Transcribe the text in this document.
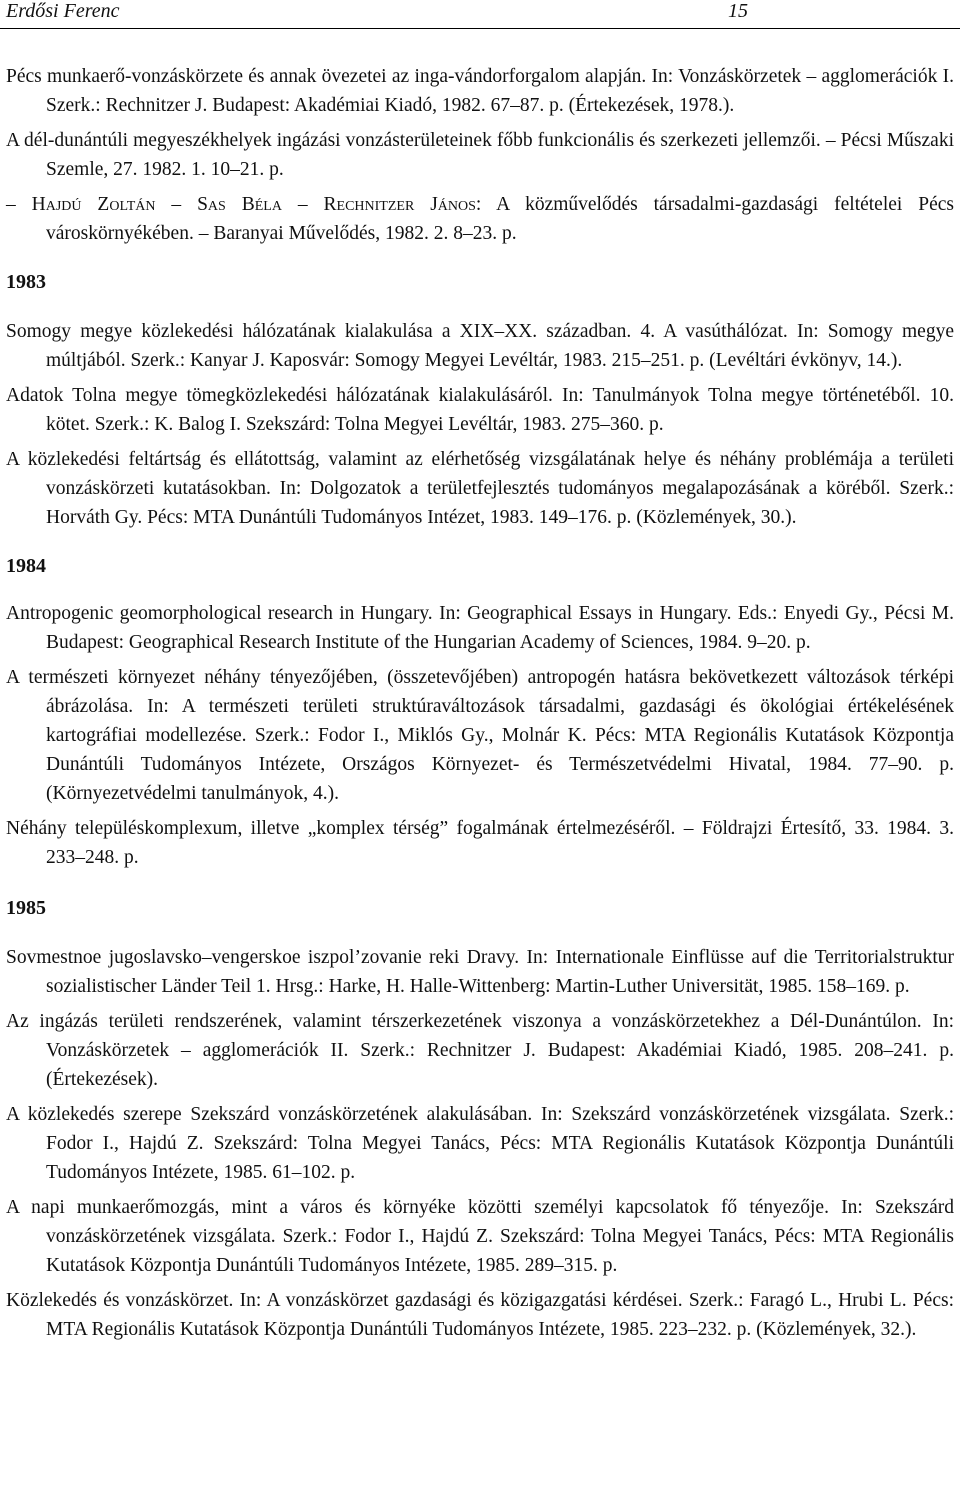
Erdősi Ferenc	15
Pécs munkaerő-vonzáskörzete és annak övezetei az inga-vándorforgalom alapján. In: Vonzáskörzetek – agglomerációk I. Szerk.: Rechnitzer J. Budapest: Akadémiai Kiadó, 1982. 67–87. p. (Értekezések, 1978.).
A dél-dunántúli megyeszékhelyek ingázási vonzásterületeinek főbb funkcionális és szerkezeti jellemzői. – Pécsi Műszaki Szemle, 27. 1982. 1. 10–21. p.
– Hajdú Zoltán – Sas Béla – Rechnitzer János: A közművelődés társadalmi-gazdasági feltételei Pécs városkörnyékében. – Baranyai Művelődés, 1982. 2. 8–23. p.
1983
Somogy megye közlekedési hálózatának kialakulása a XIX–XX. században. 4. A vasúthálózat. In: Somogy megye múltjából. Szerk.: Kanyar J. Kaposvár: Somogy Megyei Levéltár, 1983. 215–251. p. (Levéltári évkönyv, 14.).
Adatok Tolna megye tömegközlekedési hálózatának kialakulásáról. In: Tanulmányok Tolna megye történetéből. 10. kötet. Szerk.: K. Balog I. Szekszárd: Tolna Megyei Levéltár, 1983. 275–360. p.
A közlekedési feltártság és ellátottság, valamint az elérhetőség vizsgálatának helye és néhány problémája a területi vonzáskörzeti kutatásokban. In: Dolgozatok a területfejlesztés tudományos megalapozásának a köréből. Szerk.: Horváth Gy. Pécs: MTA Dunántúli Tudományos Intézet, 1983. 149–176. p. (Közlemények, 30.).
1984
Antropogenic geomorphological research in Hungary. In: Geographical Essays in Hungary. Eds.: Enyedi Gy., Pécsi M. Budapest: Geographical Research Institute of the Hungarian Academy of Sciences, 1984. 9–20. p.
A természeti környezet néhány tényezőjében, (összetevőjében) antropogén hatásra bekövetkezett változások térképi ábrázolása. In: A természeti területi struktúraváltozások társadalmi, gazdasági és ökológiai értékelésének kartográfiai modellezése. Szerk.: Fodor I., Miklós Gy., Molnár K. Pécs: MTA Regionális Kutatások Központja Dunántúli Tudományos Intézete, Országos Környezet- és Természetvédelmi Hivatal, 1984. 77–90. p. (Környezetvédelmi tanulmányok, 4.).
Néhány településkomplexum, illetve „komplex térség” fogalmának értelmezéséről. – Földrajzi Értesítő, 33. 1984. 3. 233–248. p.
1985
Sovmestnoe jugoslavsko–vengerskoe iszpol’zovanie reki Dravy. In: Internationale Einflüsse auf die Territorialstruktur sozialistischer Länder Teil 1. Hrsg.: Harke, H. Halle-Wittenberg: Martin-Luther Universität, 1985. 158–169. p.
Az ingázás területi rendszerének, valamint térszerkezetének viszonya a vonzáskörzetekhez a Dél-Dunántúlon. In: Vonzáskörzetek – agglomerációk II. Szerk.: Rechnitzer J. Budapest: Akadémiai Kiadó, 1985. 208–241. p. (Értekezések).
A közlekedés szerepe Szekszárd vonzáskörzetének alakulásában. In: Szekszárd vonzáskörzetének vizsgálata. Szerk.: Fodor I., Hajdú Z. Szekszárd: Tolna Megyei Tanács, Pécs: MTA Regionális Kutatások Központja Dunántúli Tudományos Intézete, 1985. 61–102. p.
A napi munkaerőmozgás, mint a város és környéke közötti személyi kapcsolatok fő tényezője. In: Szekszárd vonzáskörzetének vizsgálata. Szerk.: Fodor I., Hajdú Z. Szekszárd: Tolna Megyei Tanács, Pécs: MTA Regionális Kutatások Központja Dunántúli Tudományos Intézete, 1985. 289–315. p.
Közlekedés és vonzáskörzet. In: A vonzáskörzet gazdasági és közigazgatási kérdései. Szerk.: Faragó L., Hrubi L. Pécs: MTA Regionális Kutatások Központja Dunántúli Tudományos Intézete, 1985. 223–232. p. (Közlemények, 32.).
